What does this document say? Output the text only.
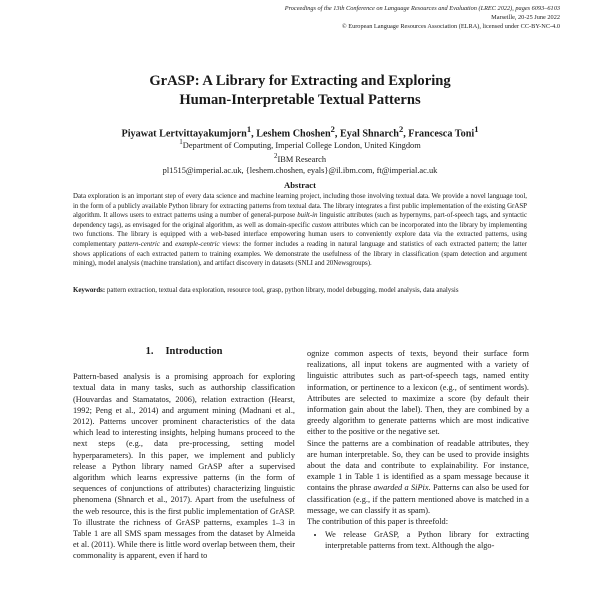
Proceedings of the 13th Conference on Language Resources and Evaluation (LREC 2022), pages 6093–6103
Marseille, 20-25 June 2022
© European Language Resources Association (ELRA), licensed under CC-BY-NC-4.0
GrASP: A Library for Extracting and Exploring
Human-Interpretable Textual Patterns
Piyawat Lertvittayakumjorn$^1$, Leshem Choshen$^2$, Eyal Shnarch$^2$, Francesca Toni$^1$
$^1$Department of Computing, Imperial College London, United Kingdom
$^2$IBM Research
pl1515@imperial.ac.uk, {leshem.choshen, eyals}@il.ibm.com, ft@imperial.ac.uk
Abstract
Data exploration is an important step of every data science and machine learning project, including those involving textual data. We provide a novel language tool, in the form of a publicly available Python library for extracting patterns from textual data. The library integrates a first public implementation of the existing GrASP algorithm. It allows users to extract patterns using a number of general-purpose built-in linguistic attributes (such as hypernyms, part-of-speech tags, and syntactic dependency tags), as envisaged for the original algorithm, as well as domain-specific custom attributes which can be incorporated into the library by implementing two functions. The library is equipped with a web-based interface empowering human users to conveniently explore data via the extracted patterns, using complementary pattern-centric and example-centric views: the former includes a reading in natural language and statistics of each extracted pattern; the latter shows applications of each extracted pattern to training examples. We demonstrate the usefulness of the library in classification (spam detection and argument mining), model analysis (machine translation), and artifact discovery in datasets (SNLI and 20Newsgroups).
Keywords: pattern extraction, textual data exploration, resource tool, grasp, python library, model debugging, model analysis, data analysis
1. Introduction

Pattern-based analysis is a promising approach for exploring textual data in many tasks, such as authorship classification (Houvardas and Stamatatos, 2006), relation extraction (Hearst, 1992; Peng et al., 2014) and argument mining (Madnani et al., 2012). Patterns uncover prominent characteristics of the data which lead to interesting insights, helping humans proceed to the next steps (e.g., data pre-processing, setting model hyperparameters). In this paper, we implement and publicly release a Python library named GrASP after a supervised algorithm which learns expressive patterns (in the form of sequences of conjunctions of attributes) characterizing linguistic phenomena (Shnarch et al., 2017). Apart from the usefulness of the web resource, this is the first public implementation of GrASP. To illustrate the richness of GrASP patterns, examples 1–3 in Table 1 are all SMS spam messages from the dataset by Almeida et al. (2011). While there is little word overlap between them, their commonality is apparent, even if hard to

ognize common aspects of texts, beyond their surface form realizations, all input tokens are augmented with a variety of linguistic attributes such as part-of-speech tags, named entity information, or pertinence to a lexicon (e.g., of sentiment words). Attributes are selected to maximize a score (by default their information gain about the label). Then, they are combined by a greedy algorithm to generate patterns which are most indicative either to the positive or the negative set.

Since the patterns are a combination of readable attributes, they are human interpretable. So, they can be used to provide insights about the data and contribute to explainability. For instance, example 1 in Table 1 is identified as a spam message because it contains the phrase awarded a SiPix. Patterns can also be used for classification (e.g., if the pattern mentioned above is matched in a message, we can classify it as spam).

The contribution of this paper is threefold:

• We release GrASP, a Python library for extracting interpretable patterns from text. Although the algo-
